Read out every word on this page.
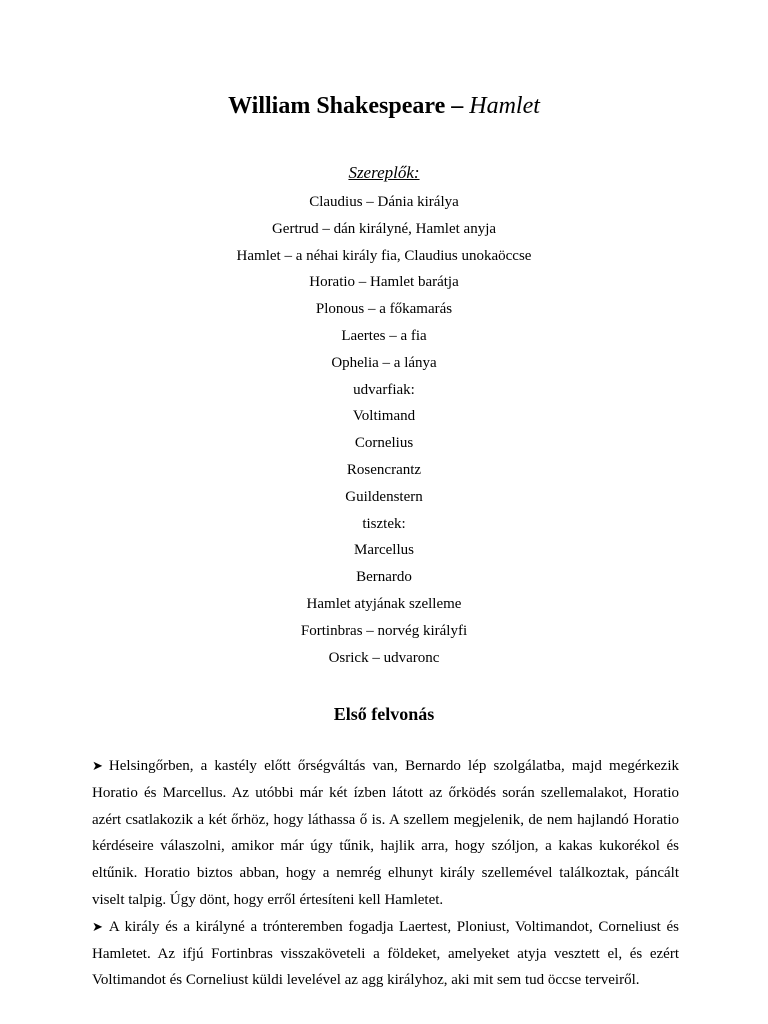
William Shakespeare – Hamlet
Szereplők:
Claudius – Dánia királya
Gertrud – dán királyné, Hamlet anyja
Hamlet – a néhai király fia, Claudius unokaöccse
Horatio – Hamlet barátja
Plonous – a főkamarás
Laertes – a fia
Ophelia – a lánya
udvarfiak:
Voltimand
Cornelius
Rosencrantz
Guildenstern
tisztek:
Marcellus
Bernardo
Hamlet atyjának szelleme
Fortinbras – norvég királyfi
Osrick – udvaronc
Első felvonás

➤ Helsingőrben, a kastély előtt őrségváltás van, Bernardo lép szolgálatba, majd megérkezik Horatio és Marcellus. Az utóbbi már két ízben látott az őrködés során szellemalakot, Horatio azért csatlakozik a két őrhöz, hogy láthassa ő is. A szellem megjelenik, de nem hajlandó Horatio kérdéseire válaszolni, amikor már úgy tűnik, hajlik arra, hogy szóljon, a kakas kukorékol és eltűnik. Horatio biztos abban, hogy a nemrég elhunyt király szellemével találkoztak, páncált viselt talpig. Úgy dönt, hogy erről értesíteni kell Hamletet.

➤ A király és a királyné a trónteremben fogadja Laertest, Ploniust, Voltimandot, Corneliust és Hamletet. Az ifjú Fortinbras visszaköveteli a földeket, amelyeket atyja vesztett el, és ezért Voltimandot és Corneliust küldi levelével az agg királyhoz, aki mit sem tud öccse terveiről.
